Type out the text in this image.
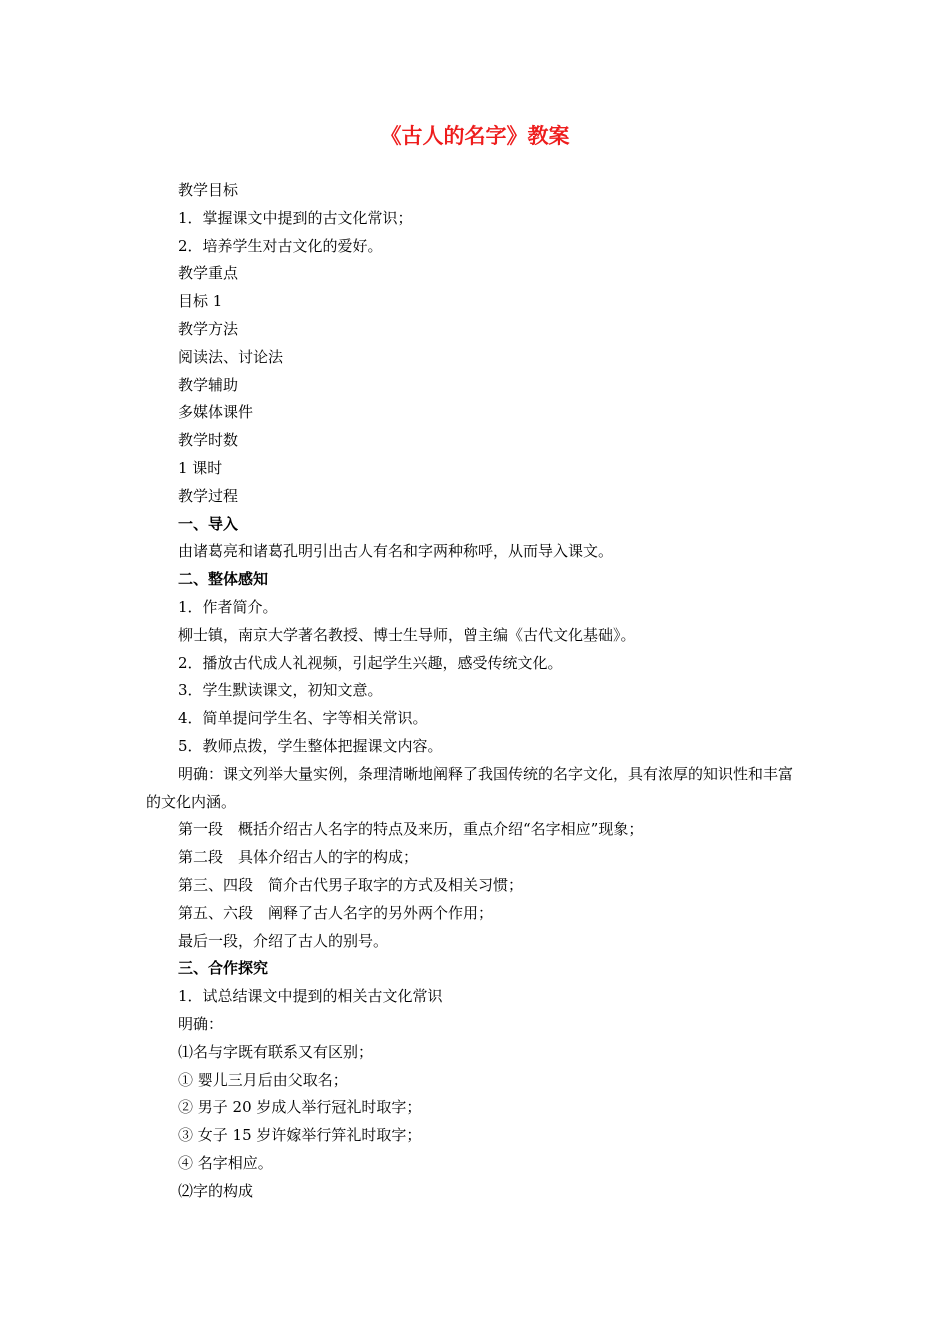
《古人的名字》教案

教学目标

1．掌握课文中提到的古文化常识；

2．培养学生对古文化的爱好。

教学重点

目标 1

教学方法

阅读法、讨论法

教学辅助

多媒体课件

教学时数

1 课时

教学过程

一、导入

由诸葛亮和诸葛孔明引出古人有名和字两种称呼，从而导入课文。

二、整体感知

1．作者简介。

柳士镇，南京大学著名教授、博士生导师，曾主编《古代文化基础》。

2．播放古代成人礼视频，引起学生兴趣，感受传统文化。

3．学生默读课文，初知文意。

4．简单提问学生名、字等相关常识。

5．教师点拨，学生整体把握课文内容。

明确：课文列举大量实例，条理清晰地阐释了我国传统的名字文化，具有浓厚的知识性和丰富的文化内涵。

第一段　概括介绍古人名字的特点及来历，重点介绍“名字相应”现象；

第二段　具体介绍古人的字的构成；

第三、四段　简介古代男子取字的方式及相关习惯；

第五、六段　阐释了古人名字的另外两个作用；

最后一段，介绍了古人的别号。

三、合作探究

1．试总结课文中提到的相关古文化常识

明确：

⑴名与字既有联系又有区别；

① 婴儿三月后由父取名；

② 男子 20 岁成人举行冠礼时取字；

③ 女子 15 岁许嫁举行笄礼时取字；

④ 名字相应。

⑵字的构成
